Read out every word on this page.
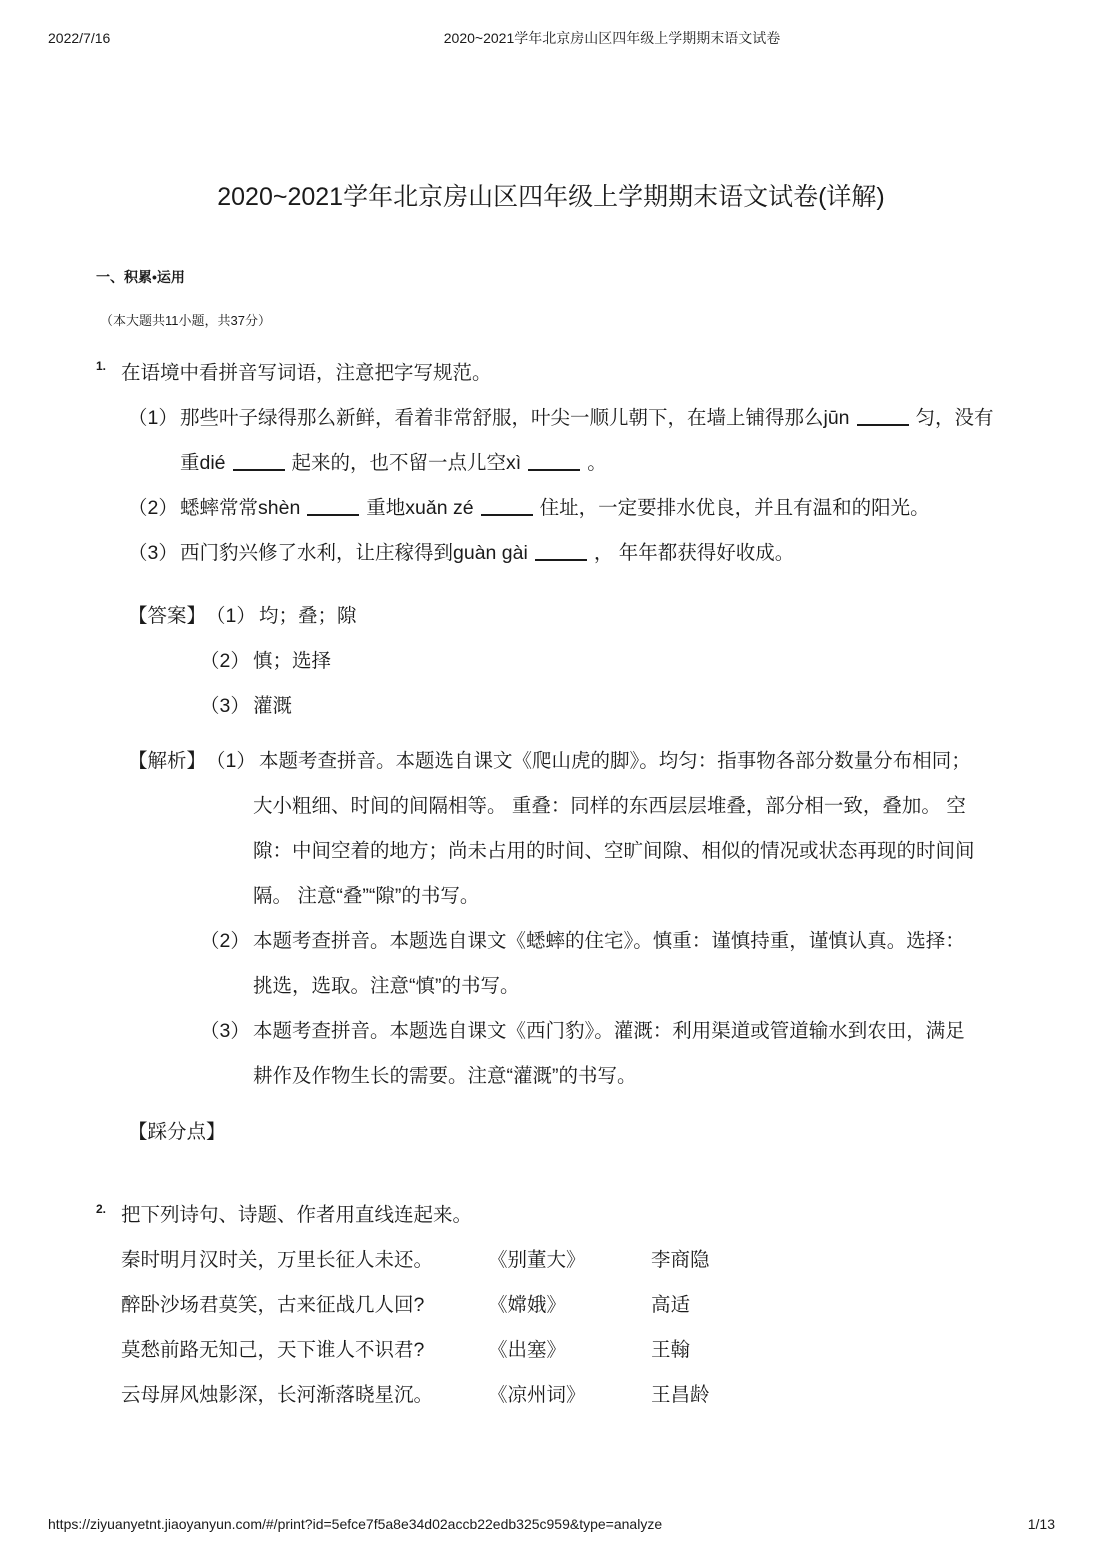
2022/7/16	2020~2021学年北京房山区四年级上学期期末语文试卷
2020~2021学年北京房山区四年级上学期期末语文试卷(详解)
一、积累•运用
（本大题共11小题，共37分）
1. 在语境中看拼音写词语，注意把字写规范。
（1） 那些叶子绿得那么新鲜，看着非常舒服，叶尖一顺儿朝下，在墙上铺得那么jūn	匀，没有
重dié	起来的，也不留一点儿空xì	。
（2） 蟋蟀常常shèn	重地xuǎn zé	住址，一定要排水优良，并且有温和的阳光。
（3） 西门豹兴修了水利，让庄稼得到guàn gài	， 年年都获得好收成。
【答案】（1） 均；叠；隙
（2） 慎；选择
（3） 灌溉
【解析】（1） 本题考查拼音。本题选自课文《爬山虎的脚》。均匀：指事物各部分数量分布相同；
大小粗细、时间的间隔相等。 重叠：同样的东西层层堆叠，部分相一致，叠加。 空
隙：中间空着的地方；尚未占用的时间、空旷间隙、相似的情况或状态再现的时间间
隔。 注意“叠”“隙”的书写。
（2） 本题考查拼音。本题选自课文《蟋蟀的住宅》。慎重：谨慎持重，谨慎认真。选择：
挑选，选取。注意“慎”的书写。
（3） 本题考查拼音。本题选自课文《西门豹》。灌溉：利用渠道或管道输水到农田，满足
耕作及作物生长的需要。注意“灌溉”的书写。
【踩分点】
2. 把下列诗句、诗题、作者用直线连起来。
秦时明月汉时关，万里长征人未还。	《别董大》	李商隐
醉卧沙场君莫笑，古来征战几人回?	《嫦娥》	高适
莫愁前路无知己，天下谁人不识君?	《出塞》	王翰
云母屏风烛影深，长河渐落晓星沉。	《凉州词》	王昌龄
https://ziyuanyetnt.jiaoyanyun.com/#/print?id=5efce7f5a8e34d02accb22edb325c959&type=analyze	1/13
